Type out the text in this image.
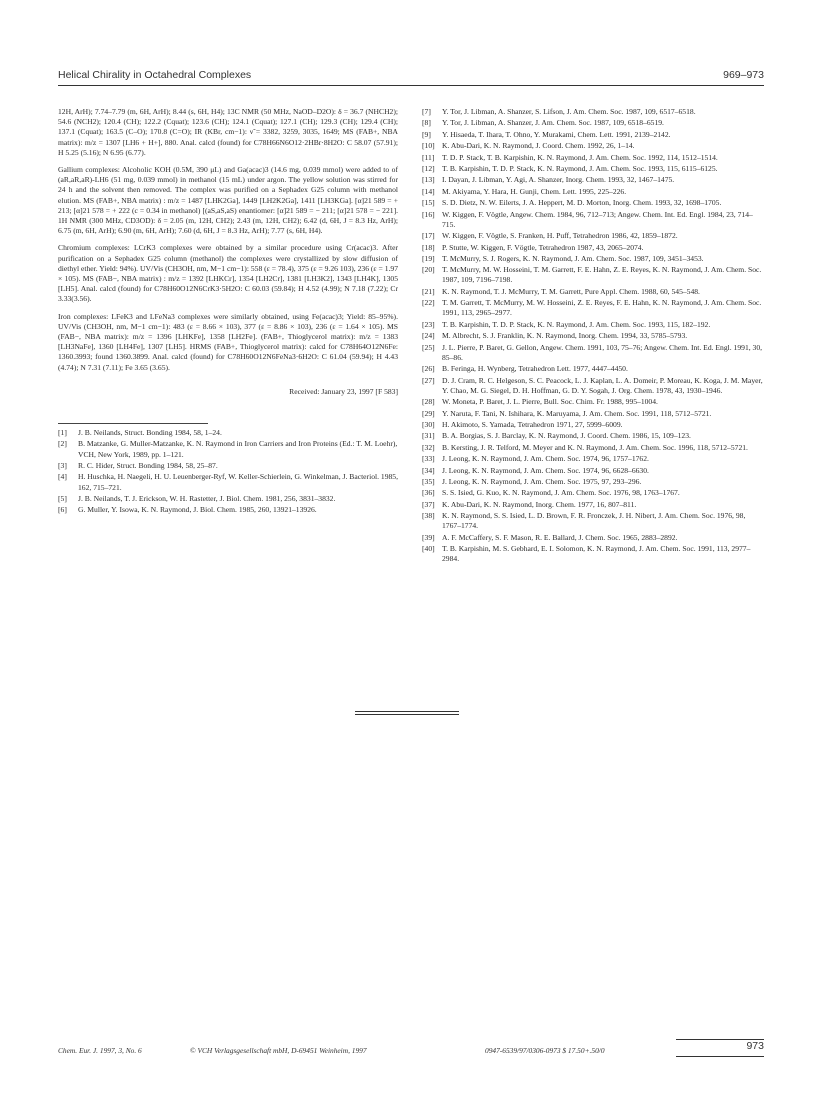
Helical Chirality in Octahedral Complexes	969–973

12H, ArH); 7.74–7.79 (m, 6H, ArH); 8.44 (s, 6H, H4); 13C NMR (50 MHz, NaOD–D2O): δ = 36.7 (NHCH2); 54.6 (NCH2); 120.4 (CH); 122.2 (Cquat); 123.6 (CH); 124.1 (Cquat); 127.1 (CH); 129.3 (CH); 129.4 (CH); 137.1 (Cquat); 163.5 (C–O); 170.8 (C=O); IR (KBr, cm−1): ν̃ = 3382, 3259, 3035, 1649; MS (FAB+, NBA matrix): m/z = 1307 [LH6 + H+], 880. Anal. calcd (found) for C78H66N6O12·2HBr·8H2O: C 58.07 (57.91); H 5.25 (5.16); N 6.95 (6.77).

Gallium complexes: Alcoholic KOH (0.5M, 390 μL) and Ga(acac)3 (14.6 mg, 0.039 mmol) were added to of (aR,aR,aR)-LH6 (51 mg, 0.039 mmol) in methanol (15 mL) under argon. The yellow solution was stirred for 24 h and the solvent then removed. The complex was purified on a Sephadex G25 column with methanol elution. MS (FAB+, NBA matrix) : m/z = 1487 [LHK2Ga], 1449 [LH2K2Ga], 1411 [LH3KGa]. [α]21 589 = + 213; [α]21 578 = + 222 (c = 0.34 in methanol) [(aS,aS,aS) enantiomer: [α]21 589 = − 211; [α]21 578 = − 221]. 1H NMR (300 MHz, CD3OD): δ = 2.05 (m, 12H, CH2); 2.43 (m, 12H, CH2); 6.42 (d, 6H, J = 8.3 Hz, ArH); 6.75 (m, 6H, ArH); 6.90 (m, 6H, ArH); 7.60 (d, 6H, J = 8.3 Hz, ArH); 7.77 (s, 6H, H4).

Chromium complexes: LCrK3 complexes were obtained by a similar procedure using Cr(acac)3. After purification on a Sephadex G25 column (methanol) the complexes were crystallized by slow diffusion of diethyl ether. Yield: 94%). UV/Vis (CH3OH, nm, M−1 cm−1): 558 (ε = 78.4), 375 (ε = 9.26 103), 236 (ε = 1.97 × 105). MS (FAB−, NBA matrix) : m/z = 1392 [LHKCr], 1354 [LH2Cr], 1381 [LH3K2], 1343 [LH4K], 1305 [LH5]. Anal. calcd (found) for C78H60O12N6CrK3·5H2O: C 60.03 (59.84); H 4.52 (4.99); N 7.18 (7.22); Cr 3.33(3.56).

Iron complexes: LFeK3 and LFeNa3 complexes were similarly obtained, using Fe(acac)3; Yield: 85–95%). UV/Vis (CH3OH, nm, M−1 cm−1): 483 (ε = 8.66 × 103), 377 (ε = 8.86 × 103), 236 (ε = 1.64 × 105). MS (FAB−, NBA matrix): m/z = 1396 [LHKFe], 1358 [LH2Fe]. (FAB+, Thioglycerol matrix): m/z = 1383 [LH3NaFe], 1360 [LH4Fe], 1307 [LH5]. HRMS (FAB+, Thioglycerol matrix): calcd for C78H64O12N6Fe: 1360.3993; found 1360.3899. Anal. calcd (found) for C78H60O12N6FeNa3·6H2O: C 61.04 (59.94); H 4.43 (4.74); N 7.31 (7.11); Fe 3.65 (3.65).

Received: January 23, 1997 [F 583]
[1]	J. B. Neilands, Struct. Bonding 1984, 58, 1–24.
[2]	B. Matzanke, G. Muller-Matzanke, K. N. Raymond in Iron Carriers and Iron Proteins (Ed.: T. M. Loehr), VCH, New York, 1989, pp. 1–121.
[3]	R. C. Hider, Struct. Bonding 1984, 58, 25–87.
[4]	H. Huschka, H. Naegeli, H. U. Leuenberger-Ryf, W. Keller-Schierlein, G. Winkelman, J. Bacteriol. 1985, 162, 715–721.
[5]	J. B. Neilands, T. J. Erickson, W. H. Rastetter, J. Biol. Chem. 1981, 256, 3831–3832.
[6]	G. Muller, Y. Isowa, K. N. Raymond, J. Biol. Chem. 1985, 260, 13921–13926.
[7]	Y. Tor, J. Libman, A. Shanzer, S. Lifson, J. Am. Chem. Soc. 1987, 109, 6517–6518.
[8]	Y. Tor, J. Libman, A. Shanzer, J. Am. Chem. Soc. 1987, 109, 6518–6519.
[9]	Y. Hisaeda, T. Ihara, T. Ohno, Y. Murakami, Chem. Lett. 1991, 2139–2142.
[10] K. Abu-Dari, K. N. Raymond, J. Coord. Chem. 1992, 26, 1–14.
[11]	T. D. P. Stack, T. B. Karpishin, K. N. Raymond, J. Am. Chem. Soc. 1992, 114, 1512–1514.
[12] T. B. Karpishin, T. D. P. Stack, K. N. Raymond, J. Am. Chem. Soc. 1993, 115, 6115–6125.
[13] I. Dayan, J. Libman, Y. Agi, A. Shanzer, Inorg. Chem. 1993, 32, 1467–1475.
[14] M. Akiyama, Y. Hara, H. Gunji, Chem. Lett. 1995, 225–226.
[15] S. D. Dietz, N. W. Eilerts, J. A. Heppert, M. D. Morton, Inorg. Chem. 1993, 32, 1698–1705.
[16] W. Kiggen, F. Vögtle, Angew. Chem. 1984, 96, 712–713; Angew. Chem. Int. Ed. Engl. 1984, 23, 714–715.
[17] W. Kiggen, F. Vögtle, S. Franken, H. Puff, Tetrahedron 1986, 42, 1859–1872.
[18] P. Stutte, W. Kiggen, F. Vögtle, Tetrahedron 1987, 43, 2065–2074.
[19] T. McMurry, S. J. Rogers, K. N. Raymond, J. Am. Chem. Soc. 1987, 109, 3451–3453.
[20] T. McMurry, M. W. Hosseini, T. M. Garrett, F. E. Hahn, Z. E. Reyes, K. N. Raymond, J. Am. Chem. Soc. 1987, 109, 7196–7198.
[21] K. N. Raymond, T. J. McMurry, T. M. Garrett, Pure Appl. Chem. 1988, 60, 545–548.
[22] T. M. Garrett, T. McMurry, M. W. Hosseini, Z. E. Reyes, F. E. Hahn, K. N. Raymond, J. Am. Chem. Soc. 1991, 113, 2965–2977.
[23] T. B. Karpishin, T. D. P. Stack, K. N. Raymond, J. Am. Chem. Soc. 1993, 115, 182–192.
[24] M. Albrecht, S. J. Franklin, K. N. Raymond, Inorg. Chem. 1994, 33, 5785–5793.
[25] J. L. Pierre, P. Baret, G. Gellon, Angew. Chem. 1991, 103, 75–76; Angew. Chem. Int. Ed. Engl. 1991, 30, 85–86.
[26] B. Feringa, H. Wynberg, Tetrahedron Lett. 1977, 4447–4450.
[27] D. J. Cram, R. C. Helgeson, S. C. Peacock, L. J. Kaplan, L. A. Domeir, P. Moreau, K. Koga, J. M. Mayer, Y. Chao, M. G. Siegel, D. H. Hoffman, G. D. Y. Sogah, J. Org. Chem. 1978, 43, 1930–1946.
[28] W. Moneta, P. Baret, J. L. Pierre, Bull. Soc. Chim. Fr. 1988, 995–1004.
[29] Y. Naruta, F. Tani, N. Ishihara, K. Maruyama, J. Am. Chem. Soc. 1991, 118, 5712–5721.
[30] H. Akimoto, S. Yamada, Tetrahedron 1971, 27, 5999–6009.
[31] B. A. Borgias, S. J. Barclay, K. N. Raymond, J. Coord. Chem. 1986, 15, 109–123.
[32] B. Kersting, J. R. Telford, M. Meyer and K. N. Raymond, J. Am. Chem. Soc. 1996, 118, 5712–5721.
[33] J. Leong, K. N. Raymond, J. Am. Chem. Soc. 1974, 96, 1757–1762.
[34] J. Leong, K. N. Raymond, J. Am. Chem. Soc. 1974, 96, 6628–6630.
[35] J. Leong, K. N. Raymond, J. Am. Chem. Soc. 1975, 97, 293–296.
[36] S. S. Isied, G. Kuo, K. N. Raymond, J. Am. Chem. Soc. 1976, 98, 1763–1767.
[37] K. Abu-Dari, K. N. Raymond, Inorg. Chem. 1977, 16, 807–811.
[38] K. N. Raymond, S. S. Isied, L. D. Brown, F. R. Fronczek, J. H. Nibert, J. Am. Chem. Soc. 1976, 98, 1767–1774.
[39] A. F. McCaffery, S. F. Mason, R. E. Ballard, J. Chem. Soc. 1965, 2883–2892.
[40] T. B. Karpishin, M. S. Gebhard, E. I. Solomon, K. N. Raymond, J. Am. Chem. Soc. 1991, 113, 2977–2984.
Chem. Eur. J. 1997, 3, No. 6	© VCH Verlagsgesellschaft mbH, D-69451 Weinheim, 1997	0947-6539/97/0306-0973 $ 17.50+.50/0	973
